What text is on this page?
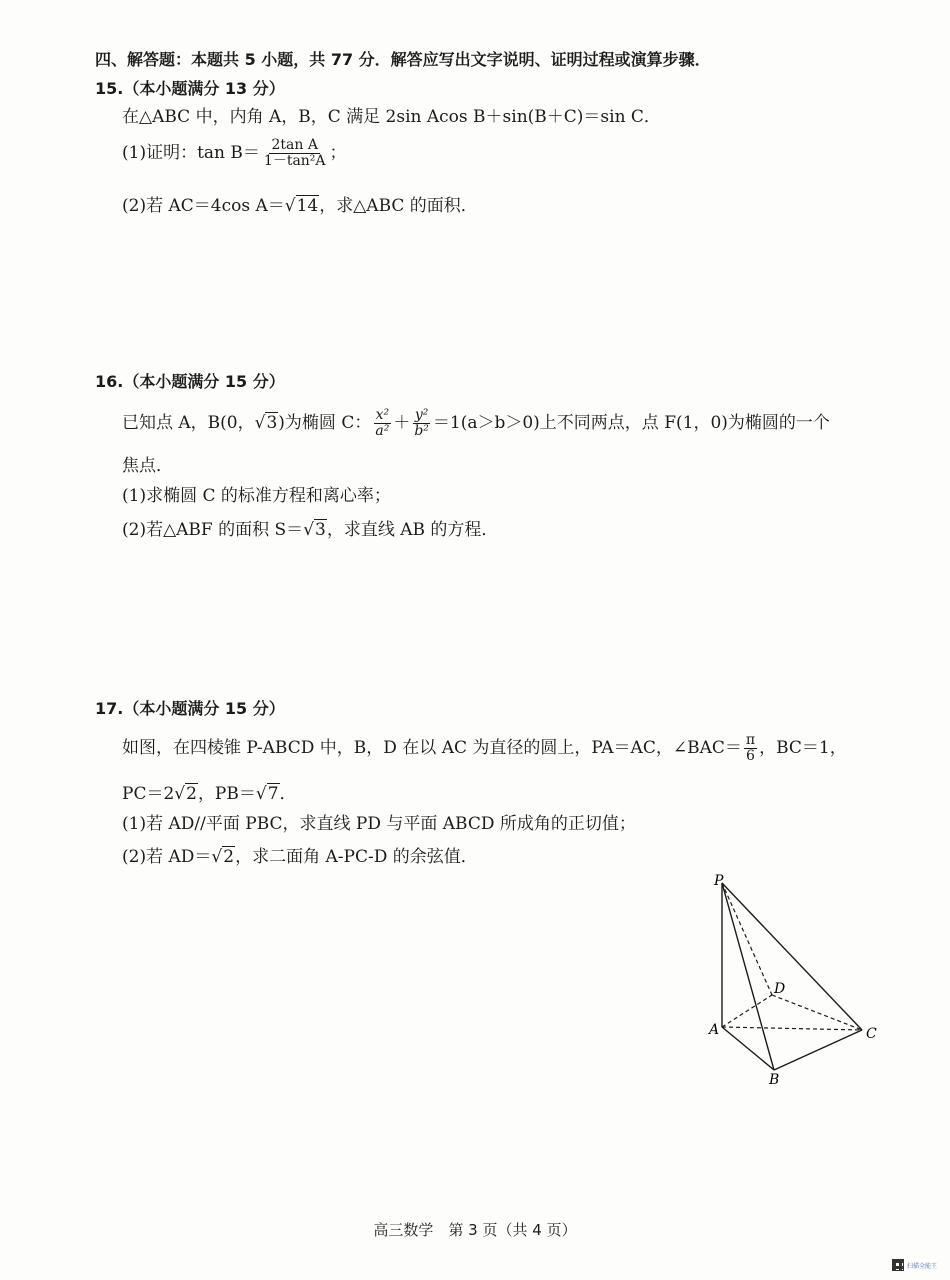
四、解答题：本题共 5 小题，共 77 分．解答应写出文字说明、证明过程或演算步骤．
15.（本小题满分 13 分）
在△ABC 中，内角 A，B，C 满足 2sin Acos B＋sin(B＋C)＝sin C．
(1)证明：$\tan B= \frac{\text{2tan A}}{\text{1－tan²A}}$ ；
(2)若 AC＝4cos A＝√14，求△ABC 的面积．
16.（本小题满分 15 分）
已知点 A，B(0，√3)为椭圆 C： $\frac{\text{x²}}{\text{a²}} + \frac{\text{y²}}{\text{b²}} =1(a>b>0)$上不同两点，点 F(1，0)为椭圆的一个
焦点．
(1)求椭圆 C 的标准方程和离心率；
(2)若△ABF 的面积 S＝√3，求直线 AB 的方程．
17.（本小题满分 15 分）
如图，在四棱锥 P-ABCD 中，B，D 在以 AC 为直径的圆上，PA＝AC，∠BAC＝ $\frac{\pi}{6}$ ，BC＝1，
PC＝2√2，PB＝√7．
(1)若 AD//平面 PBC，求直线 PD 与平面 ABCD 所成角的正切值；
(2)若 AD＝√2，求二面角 A-PC-D 的余弦值．
P
D
A	C
B
高三数学　第 3 页（共 4 页）
扫描全能王
